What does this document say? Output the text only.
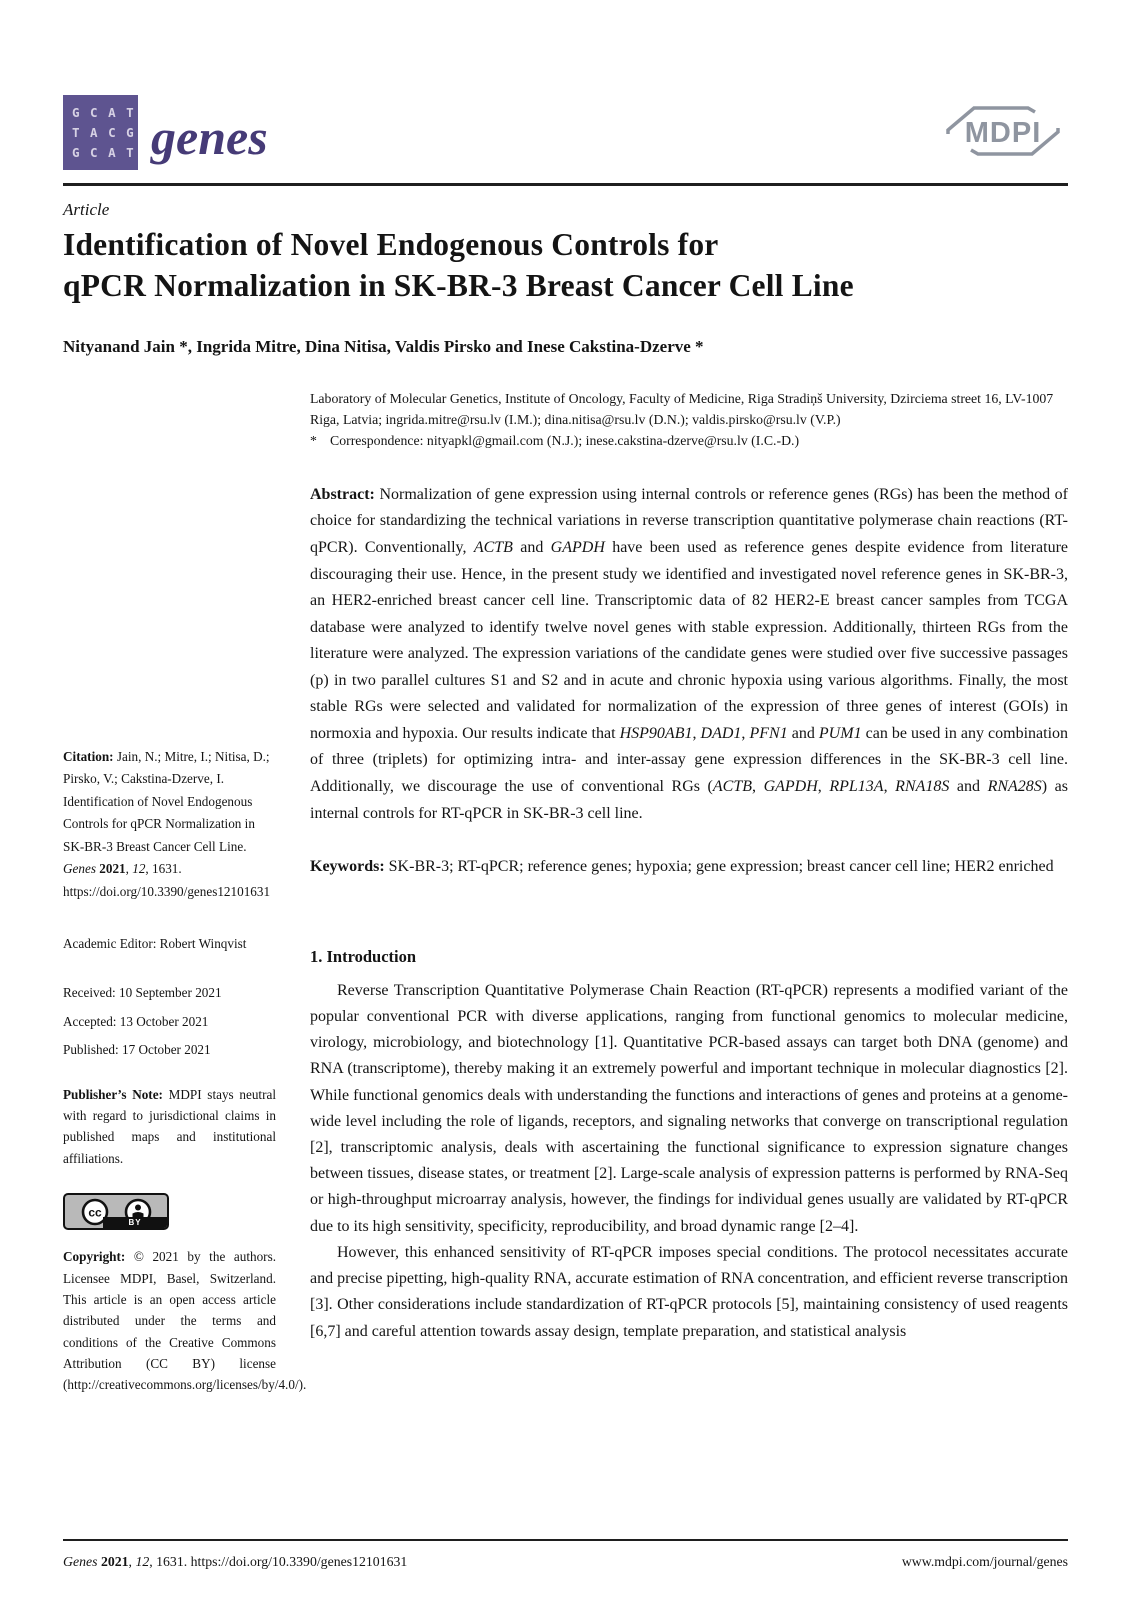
G C A T
T A C G
G C A T genes	MDPI
Article
Identification of Novel Endogenous Controls for
qPCR Normalization in SK-BR-3 Breast Cancer Cell Line
Nityanand Jain *, Ingrida Mitre, Dina Nitisa, Valdis Pirsko and Inese Cakstina-Dzerve *
Citation: Jain, N.; Mitre, I.; Nitisa, D.; Pirsko, V.; Cakstina-Dzerve, I. Identification of Novel Endogenous Controls for qPCR Normalization in SK-BR-3 Breast Cancer Cell Line. Genes 2021, 12, 1631. https://doi.org/10.3390/genes12101631
Academic Editor: Robert Winqvist
Received: 10 September 2021
Accepted: 13 October 2021
Published: 17 October 2021
Publisher’s Note: MDPI stays neutral with regard to jurisdictional claims in published maps and institutional affiliations.
cc
BY
Copyright: © 2021 by the authors. Licensee MDPI, Basel, Switzerland. This article is an open access article distributed under the terms and conditions of the Creative Commons Attribution (CC BY) license (http://creativecommons.org/licenses/by/4.0/).
Laboratory of Molecular Genetics, Institute of Oncology, Faculty of Medicine, Riga Stradiņš University, Dzirciema street 16, LV-1007 Riga, Latvia; ingrida.mitre@rsu.lv (I.M.); dina.nitisa@rsu.lv (D.N.); valdis.pirsko@rsu.lv (V.P.)
* Correspondence: nityapkl@gmail.com (N.J.); inese.cakstina-dzerve@rsu.lv (I.C.-D.)
Abstract: Normalization of gene expression using internal controls or reference genes (RGs) has been the method of choice for standardizing the technical variations in reverse transcription quantitative polymerase chain reactions (RT-qPCR). Conventionally, ACTB and GAPDH have been used as reference genes despite evidence from literature discouraging their use. Hence, in the present study we identified and investigated novel reference genes in SK-BR-3, an HER2-enriched breast cancer cell line. Transcriptomic data of 82 HER2-E breast cancer samples from TCGA database were analyzed to identify twelve novel genes with stable expression. Additionally, thirteen RGs from the literature were analyzed. The expression variations of the candidate genes were studied over five successive passages (p) in two parallel cultures S1 and S2 and in acute and chronic hypoxia using various algorithms. Finally, the most stable RGs were selected and validated for normalization of the expression of three genes of interest (GOIs) in normoxia and hypoxia. Our results indicate that HSP90AB1, DAD1, PFN1 and PUM1 can be used in any combination of three (triplets) for optimizing intra- and inter-assay gene expression differences in the SK-BR-3 cell line. Additionally, we discourage the use of conventional RGs (ACTB, GAPDH, RPL13A, RNA18S and RNA28S) as internal controls for RT-qPCR in SK-BR-3 cell line.
Keywords: SK-BR-3; RT-qPCR; reference genes; hypoxia; gene expression; breast cancer cell line; HER2 enriched
1. Introduction

Reverse Transcription Quantitative Polymerase Chain Reaction (RT-qPCR) represents a modified variant of the popular conventional PCR with diverse applications, ranging from functional genomics to molecular medicine, virology, microbiology, and biotechnology [1]. Quantitative PCR-based assays can target both DNA (genome) and RNA (transcriptome), thereby making it an extremely powerful and important technique in molecular diagnostics [2]. While functional genomics deals with understanding the functions and interactions of genes and proteins at a genome-wide level including the role of ligands, receptors, and signaling networks that converge on transcriptional regulation [2], transcriptomic analysis, deals with ascertaining the functional significance to expression signature changes between tissues, disease states, or treatment [2]. Large-scale analysis of expression patterns is performed by RNA-Seq or high-throughput microarray analysis, however, the findings for individual genes usually are validated by RT-qPCR due to its high sensitivity, specificity, reproducibility, and broad dynamic range [2–4].

However, this enhanced sensitivity of RT-qPCR imposes special conditions. The protocol necessitates accurate and precise pipetting, high-quality RNA, accurate estimation of RNA concentration, and efficient reverse transcription [3]. Other considerations include standardization of RT-qPCR protocols [5], maintaining consistency of used reagents [6,7] and careful attention towards assay design, template preparation, and statistical analysis

Genes 2021, 12, 1631. https://doi.org/10.3390/genes12101631	www.mdpi.com/journal/genes
